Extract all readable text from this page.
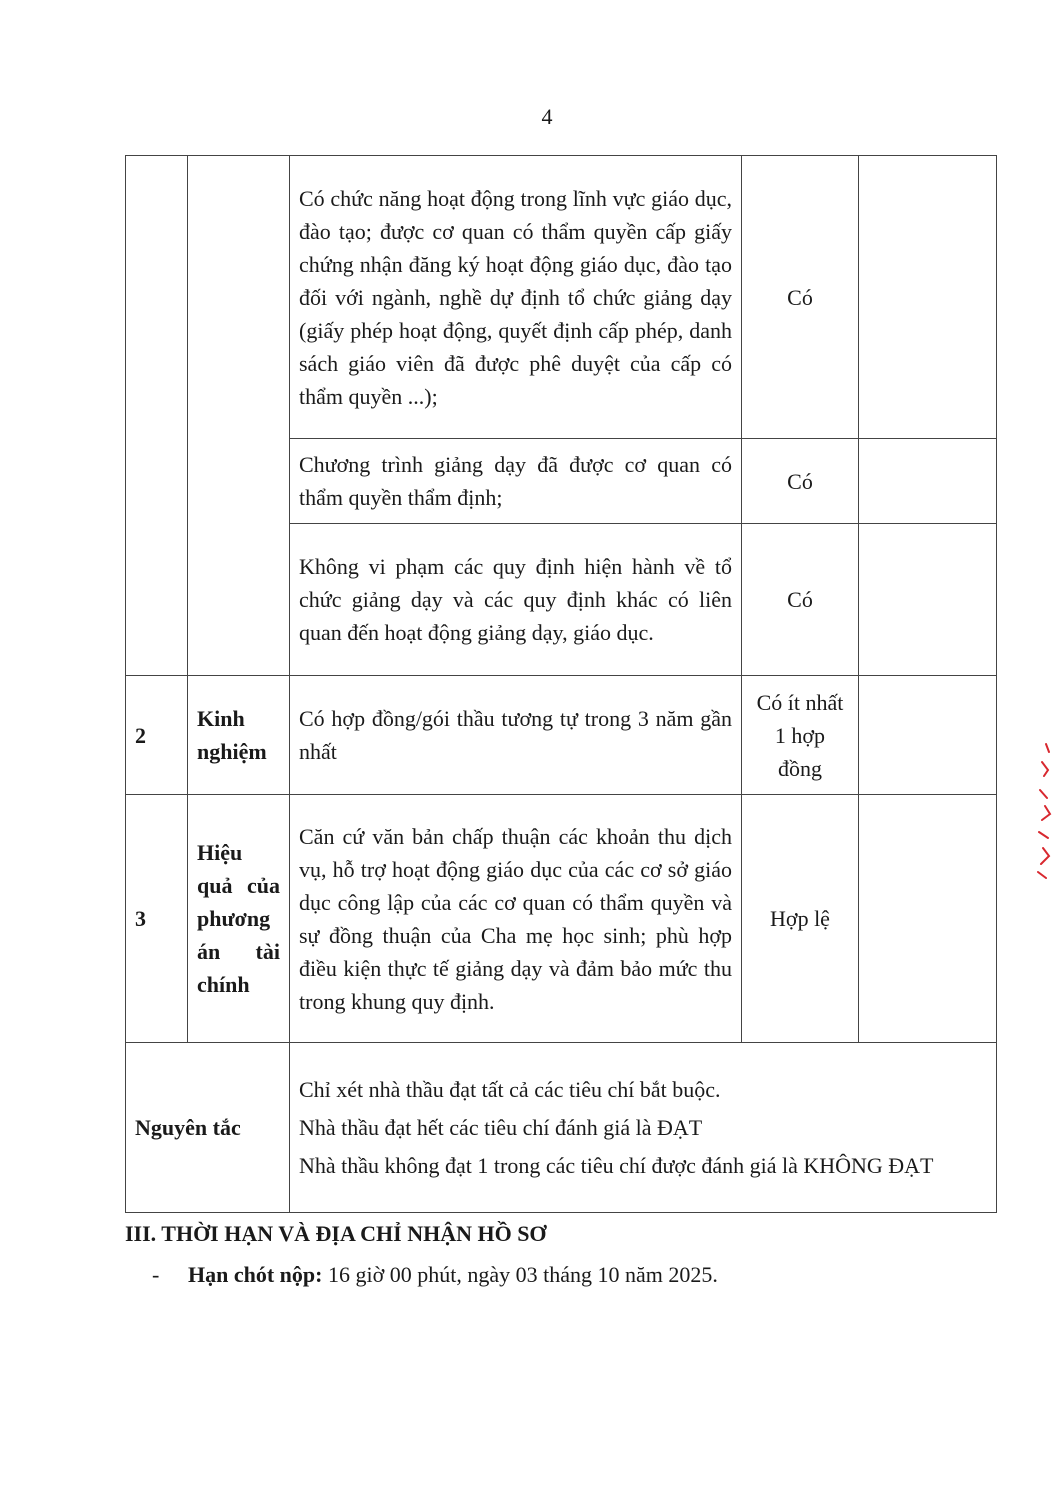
4
		Có chức năng hoạt động trong lĩnh vực giáo dục, đào tạo; được cơ quan có thẩm quyền cấp giấy chứng nhận đăng ký hoạt động giáo dục, đào tạo đối với ngành, nghề dự định tổ chức giảng dạy (giấy phép hoạt động, quyết định cấp phép, danh sách giáo viên đã được phê duyệt của cấp có thẩm quyền ...);	Có	
		Chương trình giảng dạy đã được cơ quan có thẩm quyền thẩm định;	Có	
		Không vi phạm các quy định hiện hành về tổ chức giảng dạy và các quy định khác có liên quan đến hoạt động giảng dạy, giáo dục.	Có	
2	Kinh nghiệm	Có hợp đồng/gói thầu tương tự trong 3 năm gần nhất	Có ít nhất 1 hợp đồng	
3	Hiệu quả của phương án tài chính	Căn cứ văn bản chấp thuận các khoản thu dịch vụ, hỗ trợ hoạt động giáo dục của các cơ sở giáo dục công lập của các cơ quan có thẩm quyền và sự đồng thuận của Cha mẹ học sinh; phù hợp điều kiện thực tế giảng dạy và đảm bảo mức thu trong khung quy định.	Hợp lệ	
Nguyên tắc		Chỉ xét nhà thầu đạt tất cả các tiêu chí bắt buộc.
Nhà thầu đạt hết các tiêu chí đánh giá là ĐẠT
Nhà thầu không đạt 1 trong các tiêu chí được đánh giá là KHÔNG ĐẠT		
III. THỜI HẠN VÀ ĐỊA CHỈ NHẬN HỒ SƠ
- Hạn chót nộp: 16 giờ 00 phút, ngày 03 tháng 10 năm 2025.
